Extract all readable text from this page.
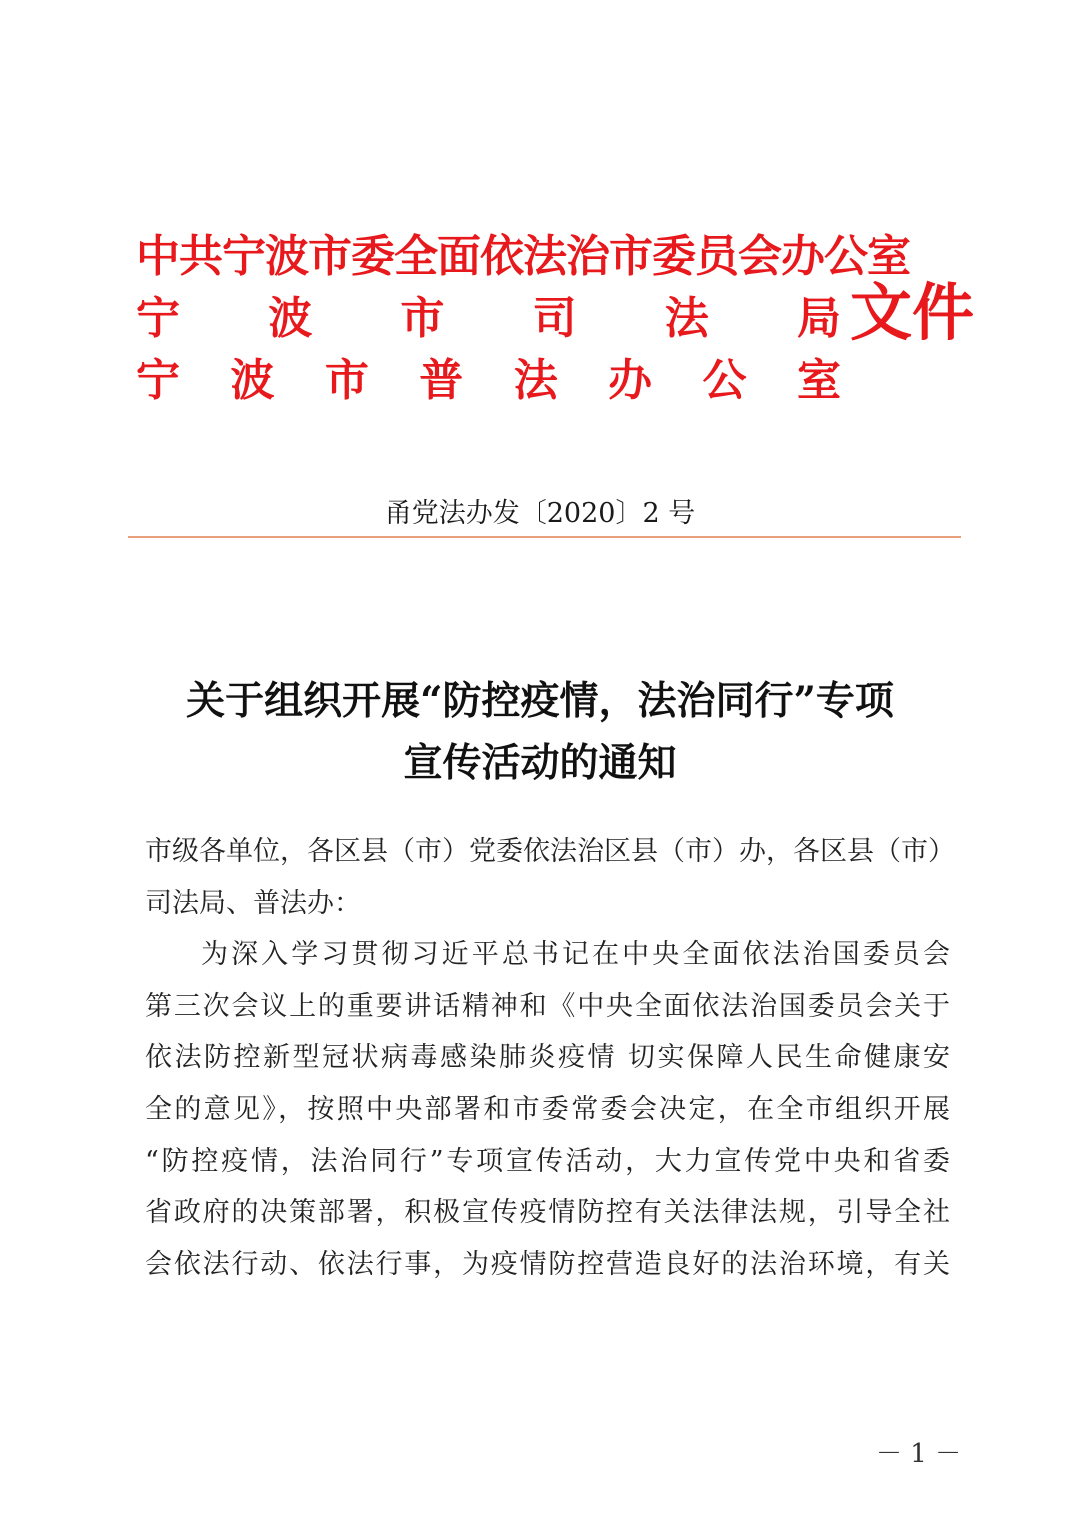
中共宁波市委全面依法治市委员会办公室
宁 波 市 司 法 局
宁 波 市 普 法 办 公 室
文件
甬党法办发〔2020〕2 号
关于组织开展“防控疫情，法治同行”专项
宣传活动的通知
市级各单位，各区县（市）党委依法治区县（市）办，各区县（市）
司法局、普法办：
为深入学习贯彻习近平总书记在中央全面依法治国委员会
第三次会议上的重要讲话精神和《中央全面依法治国委员会关于
依法防控新型冠状病毒感染肺炎疫情 切实保障人民生命健康安
全的意见》，按照中央部署和市委常委会决定，在全市组织开展
“防控疫情，法治同行”专项宣传活动，大力宣传党中央和省委
省政府的决策部署，积极宣传疫情防控有关法律法规，引导全社
会依法行动、依法行事，为疫情防控营造良好的法治环境，有关
－ 1 －
